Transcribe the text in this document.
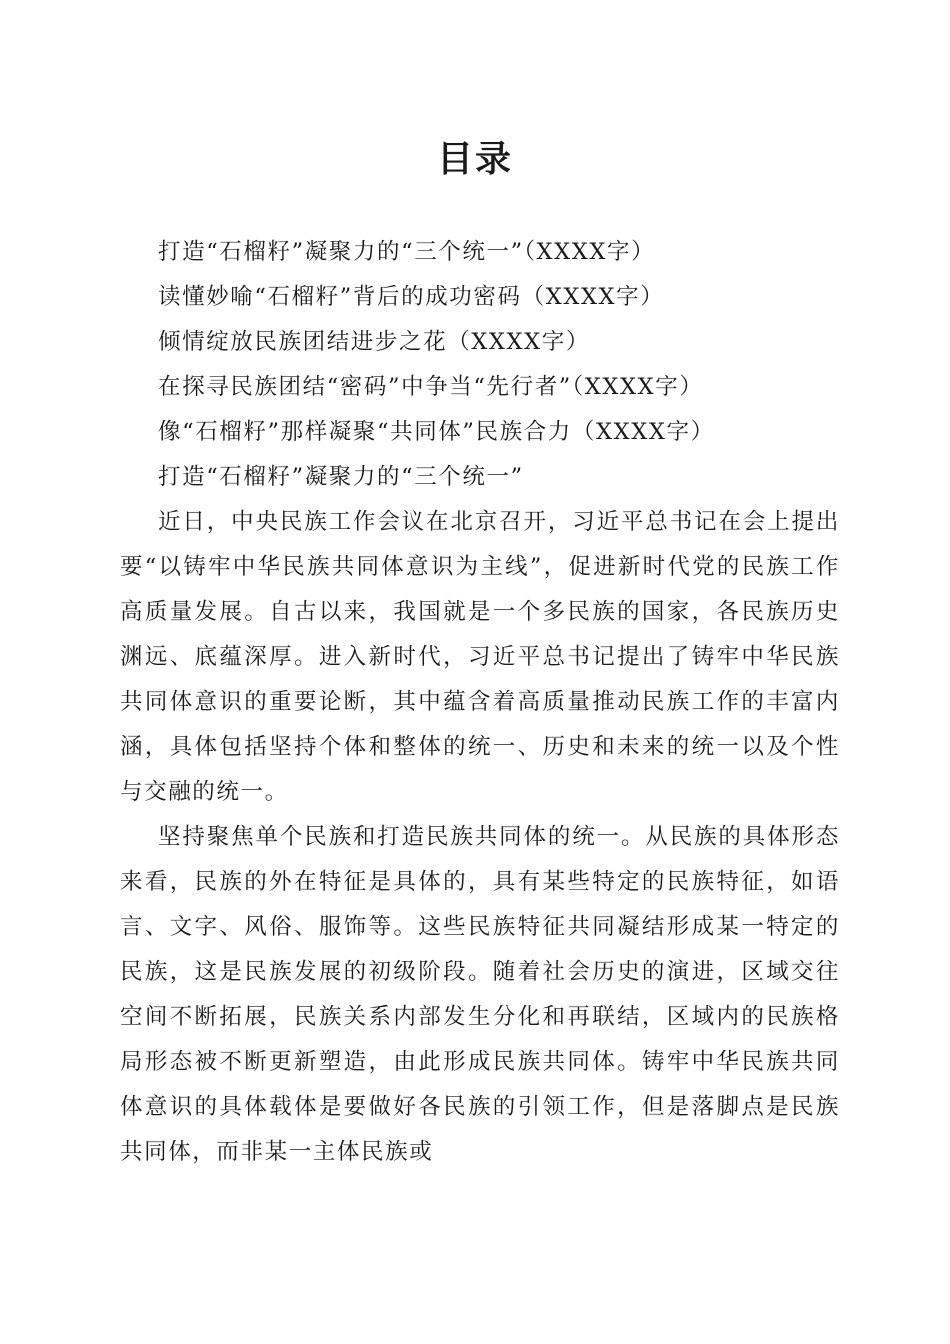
目录
打造“石榴籽”凝聚力的“三个统一”（XXXX字）
读懂妙喻“石榴籽”背后的成功密码（XXXX字）
倾情绽放民族团结进步之花（XXXX字）
在探寻民族团结“密码”中争当“先行者”（XXXX字）
像“石榴籽”那样凝聚“共同体”民族合力（XXXX字）
打造“石榴籽”凝聚力的“三个统一”

近日，中央民族工作会议在北京召开，习近平总书记在会上提出要“以铸牢中华民族共同体意识为主线”，促进新时代党的民族工作高质量发展。自古以来，我国就是一个多民族的国家，各民族历史渊远、底蕴深厚。进入新时代，习近平总书记提出了铸牢中华民族共同体意识的重要论断，其中蕴含着高质量推动民族工作的丰富内涵，具体包括坚持个体和整体的统一、历史和未来的统一以及个性与交融的统一。

坚持聚焦单个民族和打造民族共同体的统一。从民族的具体形态来看，民族的外在特征是具体的，具有某些特定的民族特征，如语言、文字、风俗、服饰等。这些民族特征共同凝结形成某一特定的民族，这是民族发展的初级阶段。随着社会历史的演进，区域交往空间不断拓展，民族关系内部发生分化和再联结，区域内的民族格局形态被不断更新塑造，由此形成民族共同体。铸牢中华民族共同体意识的具体载体是要做好各民族的引领工作，但是落脚点是民族共同体，而非某一主体民族或
